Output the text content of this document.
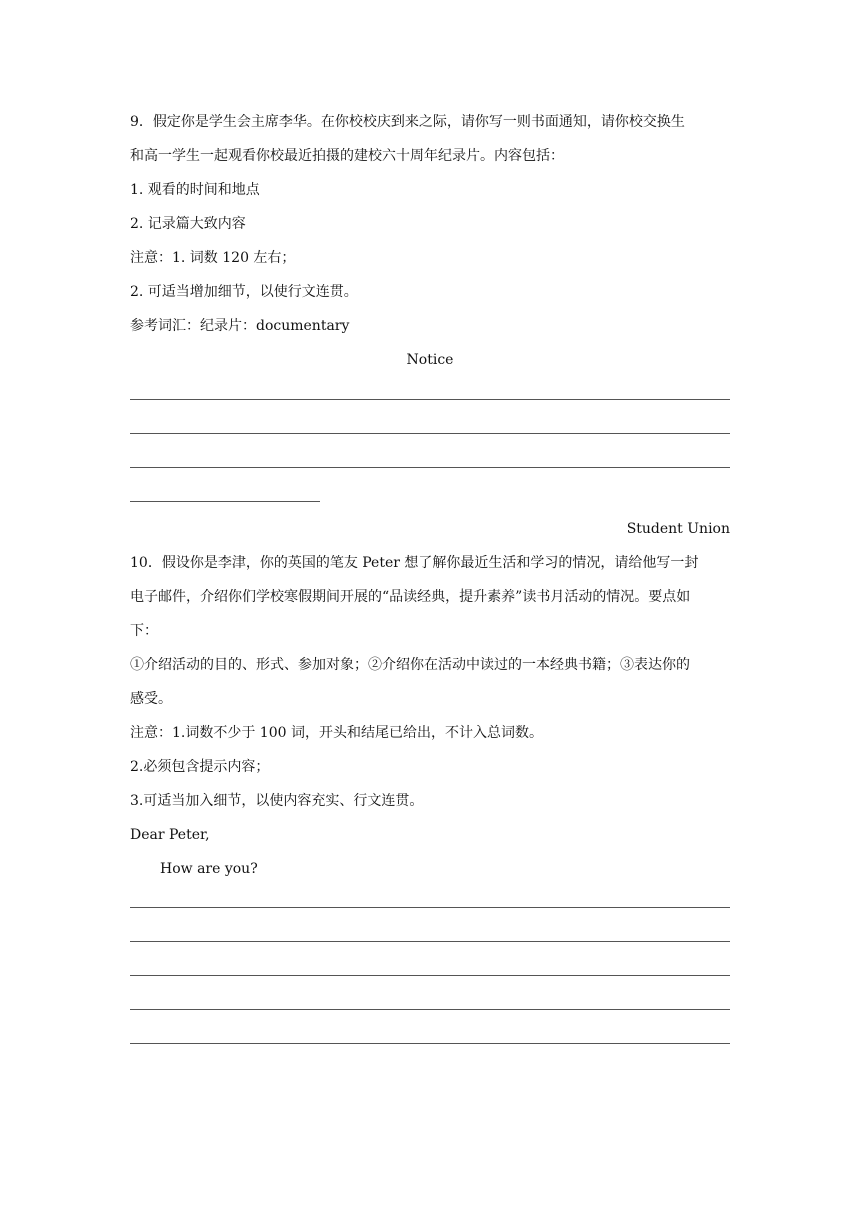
9．假定你是学生会主席李华。在你校校庆到来之际，请你写一则书面通知，请你校交换生
和高一学生一起观看你校最近拍摄的建校六十周年纪录片。内容包括：
1. 观看的时间和地点
2. 记录篇大致内容
注意：1. 词数 120 左右；
2. 可适当增加细节，以使行文连贯。
参考词汇：纪录片：documentary
Notice
Student Union
10．假设你是李津，你的英国的笔友 Peter 想了解你最近生活和学习的情况，请给他写一封
电子邮件，介绍你们学校寒假期间开展的“品读经典，提升素养”读书月活动的情况。要点如
下：
①介绍活动的目的、形式、参加对象；②介绍你在活动中读过的一本经典书籍；③表达你的
感受。
注意：1.词数不少于 100 词，开头和结尾已给出，不计入总词数。
2.必须包含提示内容；
3.可适当加入细节，以使内容充实、行文连贯。
Dear Peter,
How are you?
